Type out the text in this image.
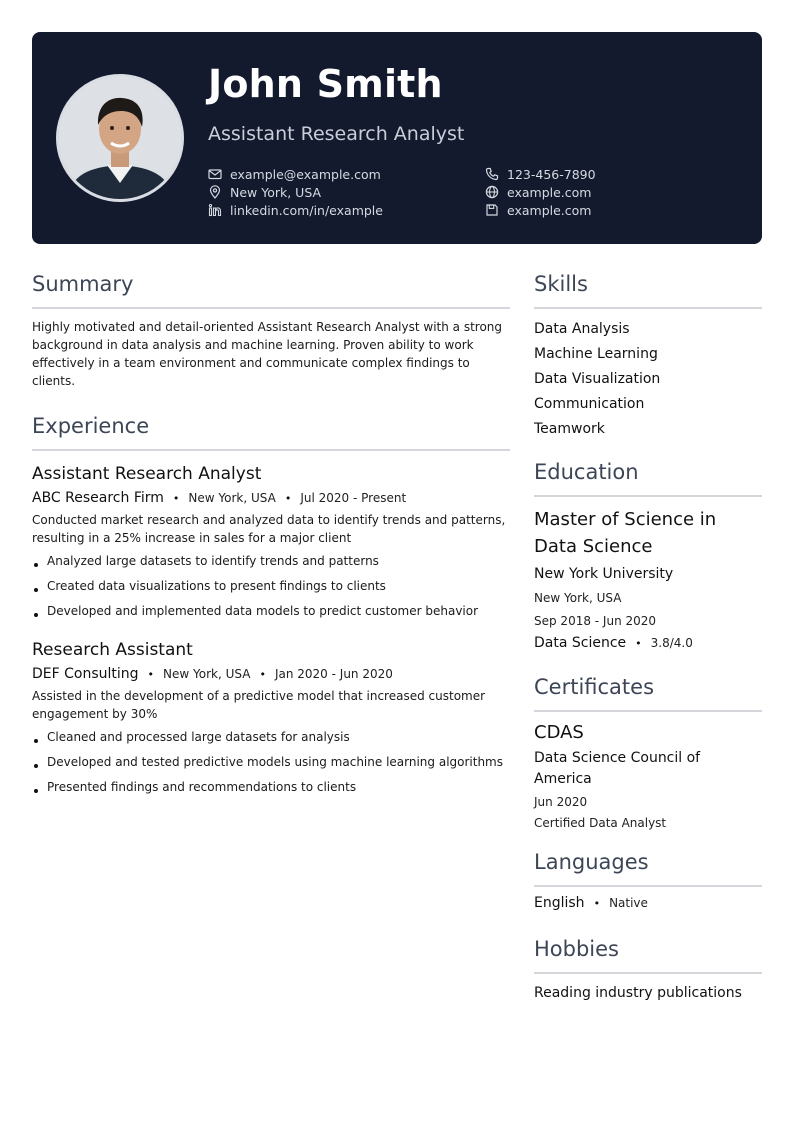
John Smith
Assistant Research Analyst
example@example.com
New York, USA
linkedin.com/in/example
123-456-7890
example.com
example.com
Summary

Highly motivated and detail-oriented Assistant Research Analyst with a strong background in data analysis and machine learning. Proven ability to work effectively in a team environment and communicate complex findings to clients.

Experience
Assistant Research Analyst
ABC Research Firm • New York, USA • Jul 2020 - Present

Conducted market research and analyzed data to identify trends and patterns, resulting in a 25% increase in sales for a major client

Analyzed large datasets to identify trends and patterns
Created data visualizations to present findings to clients
Developed and implemented data models to predict customer behavior
Research Assistant
DEF Consulting • New York, USA • Jan 2020 - Jun 2020

Assisted in the development of a predictive model that increased customer engagement by 30%

Cleaned and processed large datasets for analysis
Developed and tested predictive models using machine learning algorithms
Presented findings and recommendations to clients
Skills
Data Analysis
Machine Learning
Data Visualization
Communication
Teamwork
Education
Master of Science in Data Science
New York University
New York, USA
Sep 2018 - Jun 2020
Data Science • 3.8/4.0
Certificates
CDAS
Data Science Council of America
Jun 2020
Certified Data Analyst
Languages
English • Native
Hobbies
Reading industry publications
